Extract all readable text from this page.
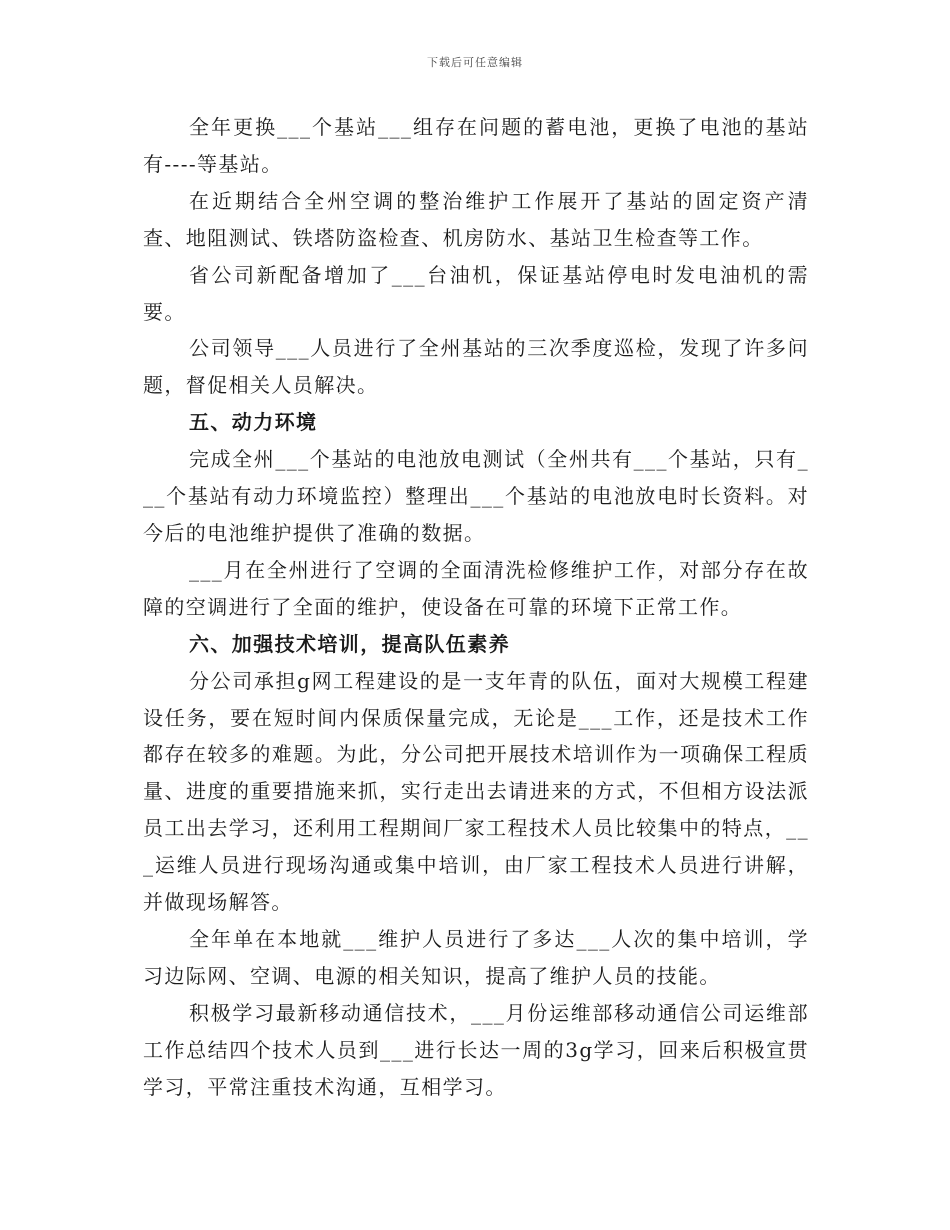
下载后可任意编辑

全年更换___个基站___组存在问题的蓄电池，更换了电池的基站有----等基站。

在近期结合全州空调的整治维护工作展开了基站的固定资产清查、地阻测试、铁塔防盗检查、机房防水、基站卫生检查等工作。

省公司新配备增加了___台油机，保证基站停电时发电油机的需要。

公司领导___人员进行了全州基站的三次季度巡检，发现了许多问题，督促相关人员解决。

五、动力环境

完成全州___个基站的电池放电测试（全州共有___个基站，只有___个基站有动力环境监控）整理出___个基站的电池放电时长资料。对今后的电池维护提供了准确的数据。

___月在全州进行了空调的全面清洗检修维护工作，对部分存在故障的空调进行了全面的维护，使设备在可靠的环境下正常工作。

六、加强技术培训，提高队伍素养

分公司承担g网工程建设的是一支年青的队伍，面对大规模工程建设任务，要在短时间内保质保量完成，无论是___工作，还是技术工作都存在较多的难题。为此，分公司把开展技术培训作为一项确保工程质量、进度的重要措施来抓，实行走出去请进来的方式，不但相方设法派员工出去学习，还利用工程期间厂家工程技术人员比较集中的特点，___运维人员进行现场沟通或集中培训，由厂家工程技术人员进行讲解，并做现场解答。

全年单在本地就___维护人员进行了多达___人次的集中培训，学习边际网、空调、电源的相关知识，提高了维护人员的技能。

积极学习最新移动通信技术，___月份运维部移动通信公司运维部工作总结四个技术人员到___进行长达一周的3g学习，回来后积极宣贯学习，平常注重技术沟通，互相学习。
